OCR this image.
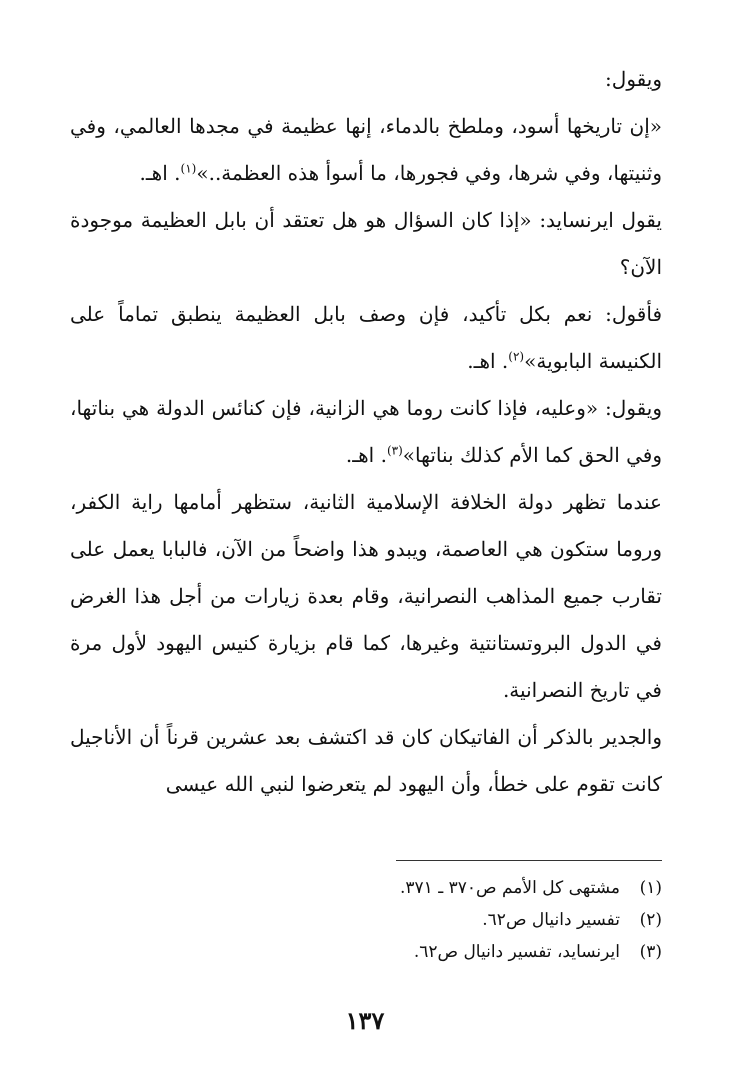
ويقول:

«إن تاريخها أسود، وملطخ بالدماء، إنها عظيمة في مجدها العالمي، وفي وثنيتها، وفي شرها، وفي فجورها، ما أسوأ هذه العظمة..»$^{(١)}$. اهـ.

يقول ايرنسايد: «إذا كان السؤال هو هل تعتقد أن بابل العظيمة موجودة الآن؟

فأقول: نعم بكل تأكيد، فإن وصف بابل العظيمة ينطبق تماماً على الكنيسة البابوية»$^{(٢)}$. اهـ.

ويقول: «وعليه، فإذا كانت روما هي الزانية، فإن كنائس الدولة هي بناتها، وفي الحق كما الأم كذلك بناتها»$^{(٣)}$. اهـ.

عندما تظهر دولة الخلافة الإسلامية الثانية، ستظهر أمامها راية الكفر، وروما ستكون هي العاصمة، ويبدو هذا واضحاً من الآن، فالبابا يعمل على تقارب جميع المذاهب النصرانية، وقام بعدة زيارات من أجل هذا الغرض في الدول البروتستانتية وغيرها، كما قام بزيارة كنيس اليهود لأول مرة في تاريخ النصرانية.

والجدير بالذكر أن الفاتيكان كان قد اكتشف بعد عشرين قرناً أن الأناجيل كانت تقوم على خطأ، وأن اليهود لم يتعرضوا لنبي الله عيسى

(١)
مشتهى كل الأمم ص٣٧٠ ـ ٣٧١.
(٢)
تفسير دانيال ص٦٢.
(٣)
ايرنسايد، تفسير دانيال ص٦٢.
١٣٧
